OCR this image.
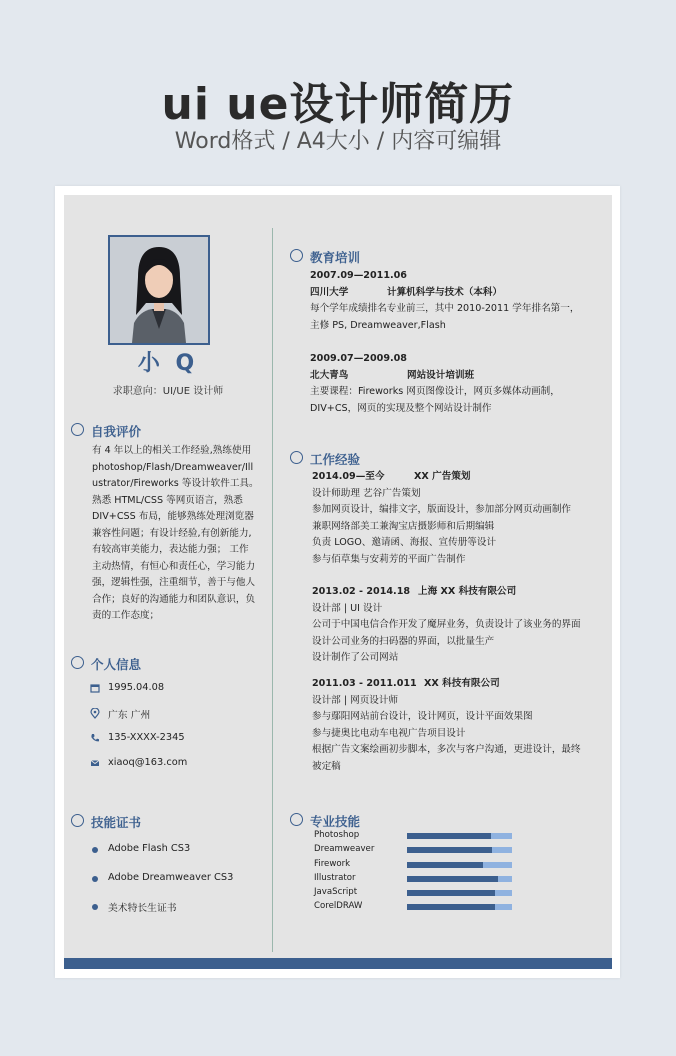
ui ue设计师简历
Word格式 / A4大小 / 内容可编辑
小 Q
求职意向：UI/UE 设计师
自我评价
有 4 年以上的相关工作经验,熟练使用
photoshop/Flash/Dreamweaver/Ill
ustrator/Fireworks 等设计软件工具。
熟悉 HTML/CSS 等网页语言，熟悉
DIV+CSS 布局，能够熟练处理浏览器
兼容性问题；有设计经验,有创新能力,
有较高审美能力，表达能力强； 工作
主动热情，有恒心和责任心，学习能力
强，逻辑性强，注重细节，善于与他人
合作；良好的沟通能力和团队意识，负
责的工作态度；
个人信息
1995.04.08
广东 广州
135-XXXX-2345
xiaoq@163.com
技能证书
Adobe Flash CS3
Adobe Dreamweaver CS3
美术特长生证书
教育培训
2007.09—2011.06
四川大学	计算机科学与技术（本科）
每个学年成绩排名专业前三，其中 2010-2011 学年排名第一，
主修 PS, Dreamweaver,Flash
2009.07—2009.08
北大青鸟	网站设计培训班
主要课程：Fireworks 网页图像设计，网页多媒体动画制，
DIV+CS，网页的实现及整个网站设计制作
工作经验
2014.09—至今	XX 广告策划
设计师助理 艺谷广告策划
参加网页设计，编排文字，版面设计，参加部分网页动画制作
兼职网络部美工兼淘宝店摄影师和后期编辑
负责 LOGO、邀请函、海报、宣传册等设计
参与佰草集与安莉芳的平面广告制作
2013.02 - 2014.18 上海 XX 科技有限公司
设计部 | UI 设计
公司于中国电信合作开发了魔屏业务，负责设计了该业务的界面
设计公司业务的扫码器的界面，以批量生产
设计制作了公司网站
2011.03 - 2011.011 XX 科技有限公司
设计部 | 网页设计师
参与鄢阳网站前台设计，设计网页，设计平面效果图
参与捷奥比电动车电视广告项目设计
根据广告文案绘画初步脚本，多次与客户沟通，更进设计，最终
被定稿
专业技能
Photoshop
Dreamweaver
Firework
Illustrator
JavaScript
CorelDRAW
